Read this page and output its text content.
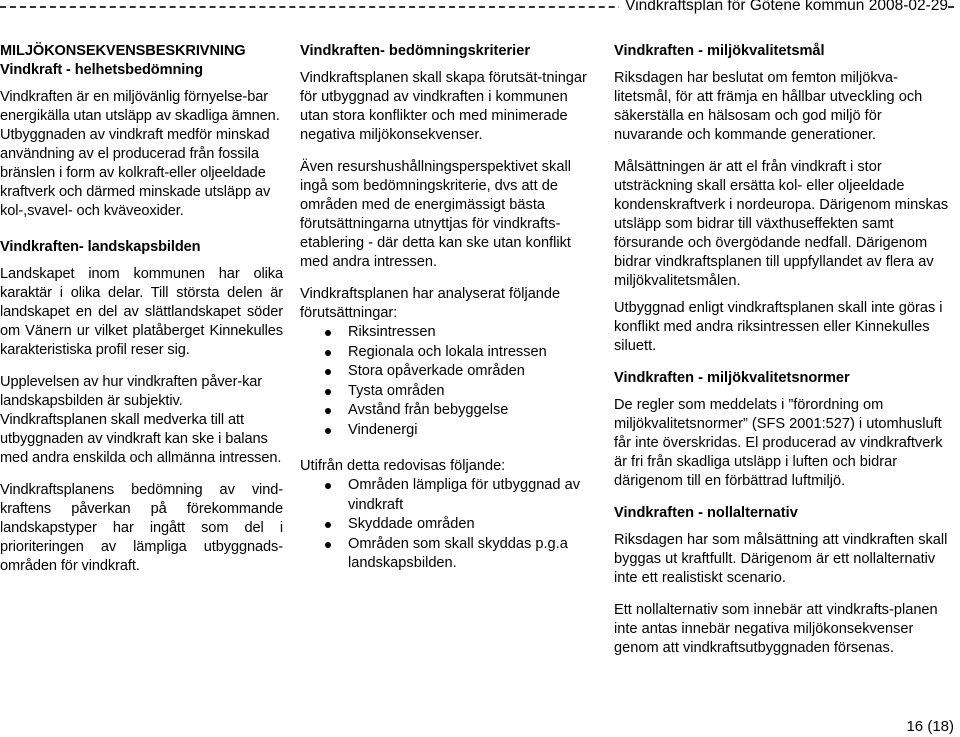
Vindkraftsplan för Götene kommun 2008-02-29
MILJÖKONSEKVENSBESKRIVNING
Vindkraft - helhetsbedömning

Vindkraften är en miljövänlig förnyelse-bar energikälla utan utsläpp av skadliga ämnen.

Utbyggnaden av vindkraft medför minskad användning av el producerad från fossila bränslen i form av kolkraft-eller oljeeldade kraftverk och därmed minskade utsläpp av kol-,svavel- och kväveoxider.

Vindkraften- landskapsbilden

Landskapet inom kommunen har olika karaktär i olika delar. Till största delen är landskapet en del av slättlandskapet söder om Vänern ur vilket platåberget Kinnekulles karakteristiska profil reser sig.

Upplevelsen av hur vindkraften påver-kar landskapsbilden är subjektiv.

Vindkraftsplanen skall medverka till att utbyggnaden av vindkraft kan ske i balans med andra enskilda och allmänna intressen.

Vindkraftsplanens bedömning av vind-kraftens påverkan på förekommande landskapstyper har ingått som del i prioriteringen av lämpliga utbyggnads-områden för vindkraft.

Vindkraften- bedömningskriterier

Vindkraftsplanen skall skapa förutsät-tningar för utbyggnad av vindkraften i kommunen utan stora konflikter och med minimerade negativa miljökonsekvenser.

Även resurshushållningsperspektivet skall ingå som bedömningskriterie, dvs att de områden med de energimässigt bästa förutsättningarna utnyttjas för vindkrafts-etablering - där detta kan ske utan konflikt med andra intressen.

Vindkraftsplanen har analyserat följande förutsättningar:

Riksintressen
Regionala och lokala intressen
Stora opåverkade områden
Tysta områden
Avstånd från bebyggelse
Vindenergi

Utifrån detta redovisas följande:

Områden lämpliga för utbyggnad av vindkraft
Skyddade områden
Områden som skall skyddas p.g.a landskapsbilden.
Vindkraften - miljökvalitetsmål

Riksdagen har beslutat om femton miljökva-litetsmål, för att främja en hållbar utveckling och säkerställa en hälsosam och god miljö för nuvarande och kommande generationer.

Målsättningen är att el från vindkraft i stor utsträckning skall ersätta kol- eller oljeeldade kondenskraftverk i nordeuropa. Därigenom minskas utsläpp som bidrar till växthuseffekten samt försurande och övergödande nedfall. Därigenom bidrar vindkraftsplanen till uppfyllandet av flera av miljökvalitetsmålen.

Utbyggnad enligt vindkraftsplanen skall inte göras i konflikt med andra riksintressen eller Kinnekulles siluett.

Vindkraften - miljökvalitetsnormer

De regler som meddelats i ”förordning om miljökvalitetsnormer” (SFS 2001:527) i utomhusluft får inte överskridas. El producerad av vindkraftverk är fri från skadliga utsläpp i luften och bidrar därigenom till en förbättrad luftmiljö.

Vindkraften - nollalternativ

Riksdagen har som målsättning att vindkraften skall byggas ut kraftfullt. Därigenom är ett nollalternativ inte ett realistiskt scenario.

Ett nollalternativ som innebär att vindkrafts-planen inte antas innebär negativa miljökonsekvenser genom att vindkraftsutbyggnaden försenas.

16 (18)
